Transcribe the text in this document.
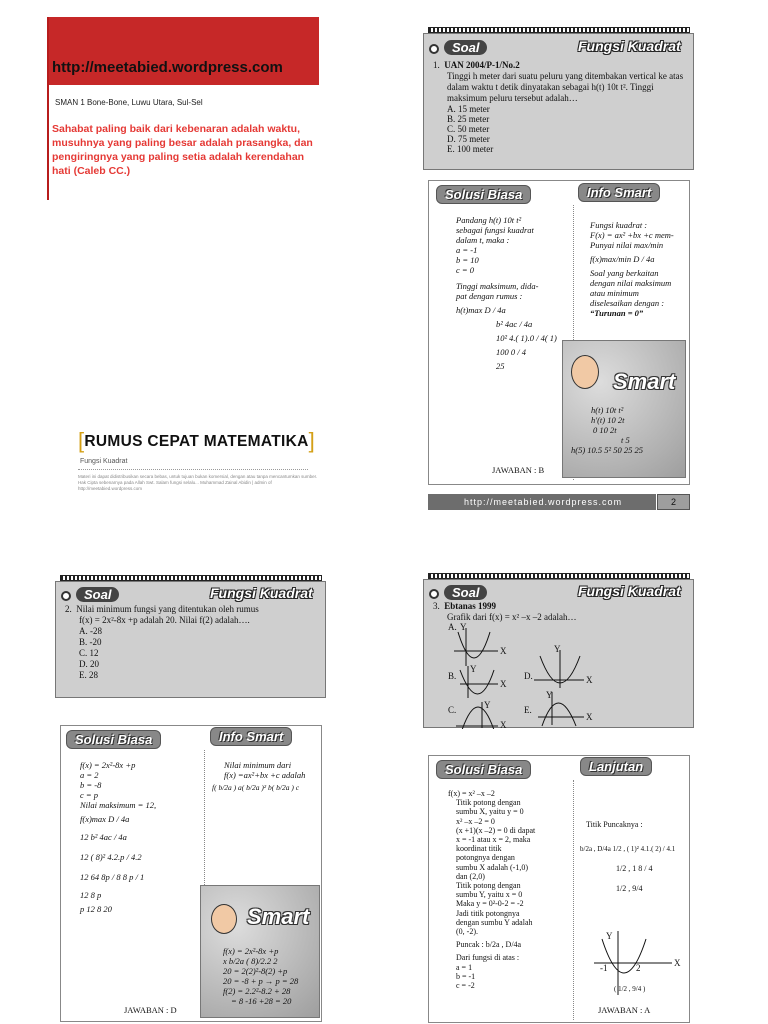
http://meetabied.wordpress.com
SMAN 1 Bone-Bone, Luwu Utara, Sul-Sel
Sahabat paling baik dari kebenaran adalah waktu, musuhnya yang paling besar adalah prasangka, dan pengiringnya yang paling setia adalah kerendahan hati (Caleb CC.)
[RUMUS CEPAT MATEMATIKA]
Fungsi Kuadrat
Materi ini dapat didistribusikan secara bebas, untuk tujuan bukan komersial, dengan atau tanpa mencantumkan sumber. Hak Cipta sebenarnya pada Allah Swt. Salam fungsi selalu... Muhammad Zainal Abidin | admin of http://meetabied.wordpress.com
Soal	Fungsi Kuadrat
1. UAN 2004/P-1/No.2

Tinggi h meter dari suatu peluru yang ditembakan vertical ke atas dalam waktu t detik dinyatakan sebagai h(t) 10t t². Tinggi maksimum peluru tersebut adalah…
A. 15 meter
B. 25 meter
C. 50 meter
D. 75 meter
E. 100 meter
Solusi Biasa	Info Smart
Pandang h(t) 10t t²
sebagai fungsi kuadrat
dalam t, maka :
a = -1
b = 10
c = 0
Tinggi maksimum, dida-
pat dengan rumus :
h(t)max D / 4a
b² 4ac / 4a
10² 4.( 1).0 / 4( 1)
100 0 / 4
25
Fungsi kuadrat :
F(x) = ax² +bx +c mem-
Punyai nilai max/min
f(x)max/min D / 4a
Soal yang berkaitan
dengan nilai maksimum
atau minimum
diselesaikan dengan :
“Turunan = 0”
Smart
h(t) 10t t²
h'(t) 10 2t
0 10 2t
t 5
h(5) 10.5 5² 50 25 25
JAWABAN : B
http://meetabied.wordpress.com	2
Soal	Fungsi Kuadrat
2. Nilai minimum fungsi yang ditentukan oleh rumus
f(x) = 2x²-8x +p adalah 20. Nilai f(2) adalah….
A. -28
B. -20
C. 12
D. 20
E. 28
Solusi Biasa	Info Smart
f(x) = 2x²-8x +p
a = 2
b = -8
c = p
Nilai maksimum = 12,
f(x)max D / 4a
12 b² 4ac / 4a
12 ( 8)² 4.2.p / 4.2
12 64 8p / 8 8 p / 1
12 8 p
p 12 8 20
Nilai minimum dari
f(x) =ax²+bx +c adalah
f( b/2a ) a( b/2a )² b( b/2a ) c
Smart
f(x) = 2x²-8x +p
x b/2a ( 8)/2.2 2
20 = 2(2)²-8(2) +p
20 = -8 + p → p = 28
f(2) = 2.2²-8.2 + 28
= 8 -16 +28 = 20
JAWABAN : D
Soal	Fungsi Kuadrat
3. Ebtanas 1999
Grafik dari f(x) = x² –x –2 adalah…
A.
B.
C.
D.
E.
X
Y
X
Y
X
Y
X
Y
X
Y
Solusi Biasa	Lanjutan
f(x) = x² –x –2
Titik potong dengan
sumbu X, yaitu y = 0
x² –x –2 = 0
(x +1)(x –2) = 0 di dapat
x = -1 atau x = 2, maka
koordinat titik
potongnya dengan
sumbu X adalah (-1,0)
dan (2,0)
Titik potong dengan
sumbu Y, yaitu x = 0
Maka y = 0²-0-2 = -2
Jadi titik potongnya
dengan sumbu Y adalah
(0, -2).
Puncak : b/2a , D/4a
Dari fungsi di atas :
a = 1
b = -1
c = -2
Titik Puncaknya :
b/2a , D/4a 1/2 , ( 1)² 4.1.( 2) / 4.1
1/2 , 1 8 / 4
1/2 , 9/4
X
Y
-1	2
( 1/2 , 9/4 )
JAWABAN : A
